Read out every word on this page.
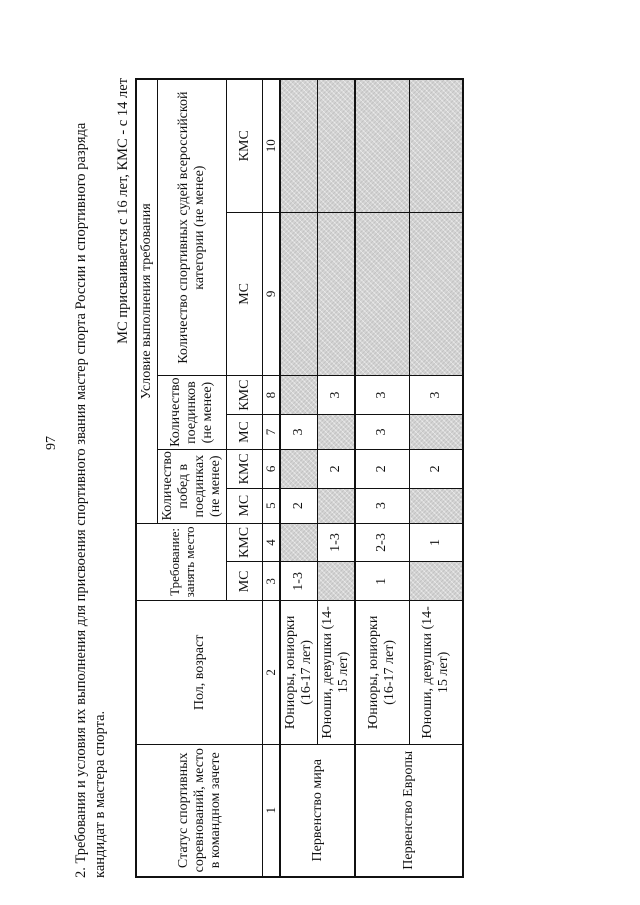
97 2. Требования и условия их выполнения для присвоения спортивного звания мастер спорта России и спортивного разряда кандидат в мастера спорта.

МС присваивается с 16 лет, КМС - с 14 лет
Статус спортивных соревнований, место в командном зачете	Пол, возраст	Требование: занять место		Условие выполнения требования					
				Количество побед в поединках (не менее)		Количество поединков (не менее)		Количество спортивных судей всероссийской категории (не менее)	
		МС	КМС	МС	КМС	МС	КМС	МС	КМС
1	2	3	4	5	6	7	8	9	10
Первенство мира	Юниоры, юниорки (16-17 лет)	1-3		2		3			
	Юноши, девушки (14-15 лет)		1-3		2		3		
Первенство Европы	Юниоры, юниорки (16-17 лет)	1	2-3	3	2	3	3		
	Юноши, девушки (14-15 лет)		1		2		3		
